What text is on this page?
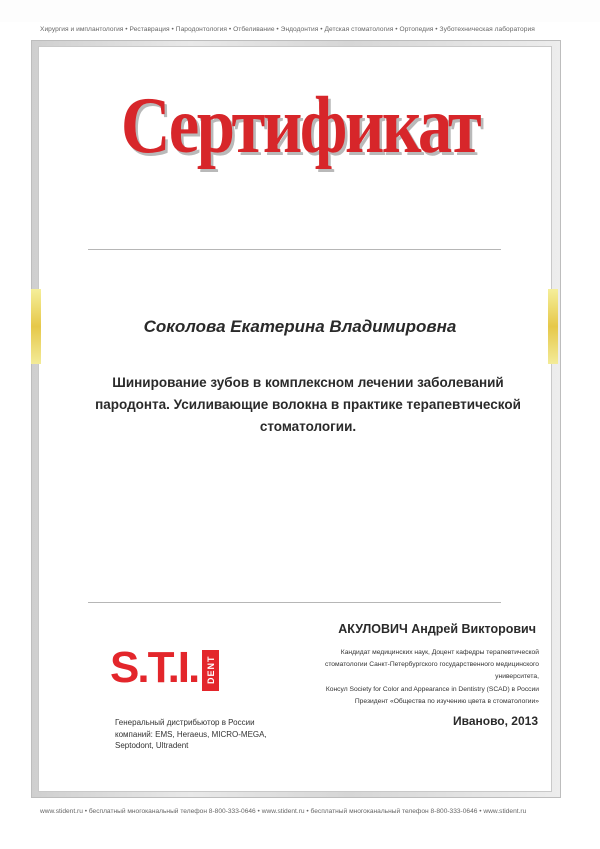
Хирургия и имплантология • Реставрация • Пародонтология • Отбеливание • Эндодонтия • Детская стоматология • Ортопедия • Зуботехническая лаборатория
Сертификат
Соколова Екатерина Владимировна
Шинирование зубов в комплексном лечении заболеваний
пародонта. Усиливающие волокна в практике терапевтической
стоматологии.
АКУЛОВИЧ Андрей Викторович
Кандидат медицинских наук, Доцент кафедры терапевтической
стоматологии Санкт-Петербургского государственного медицинского университета,
Консул Society for Color and Appearance in Dentistry (SCAD) в России
Президент «Общества по изучению цвета в стоматологии»
S.T.I. DENT
Иваново, 2013
Генеральный дистрибьютор в России
компаний: EMS, Heraeus, MICRO-MEGA,
Septodont, Ultradent
www.stident.ru • бесплатный многоканальный телефон 8-800-333-0646 • www.stident.ru • бесплатный многоканальный телефон 8-800-333-0646 • www.stident.ru
